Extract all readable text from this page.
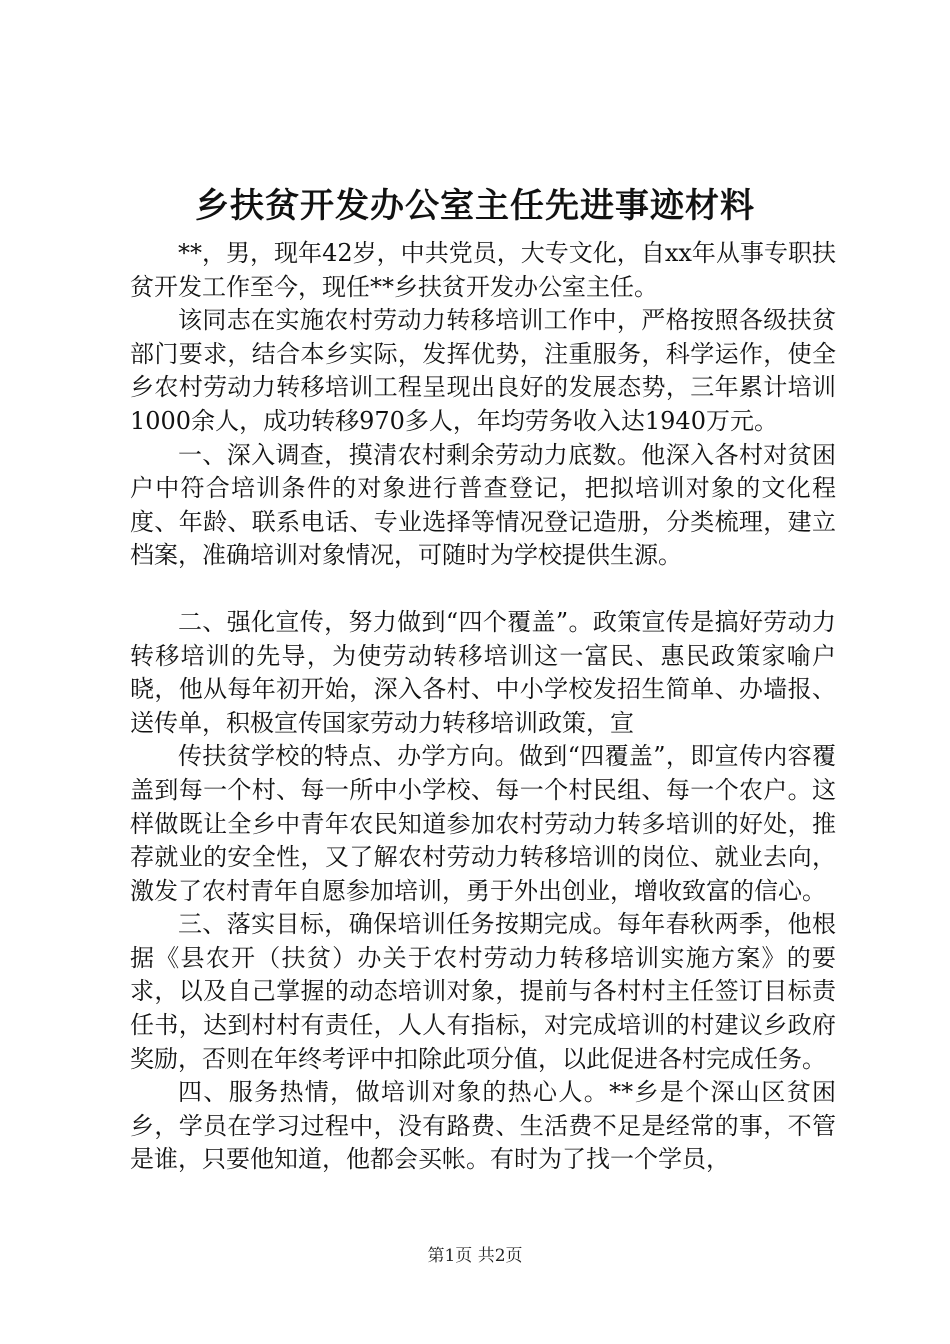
乡扶贫开发办公室主任先进事迹材料

**，男，现年42岁，中共党员，大专文化，自xx年从事专职扶贫开发工作至今，现任**乡扶贫开发办公室主任。

该同志在实施农村劳动力转移培训工作中，严格按照各级扶贫部门要求，结合本乡实际，发挥优势，注重服务，科学运作，使全乡农村劳动力转移培训工程呈现出良好的发展态势，三年累计培训1000余人，成功转移970多人，年均劳务收入达1940万元。

一、深入调查，摸清农村剩余劳动力底数。他深入各村对贫困户中符合培训条件的对象进行普查登记，把拟培训对象的文化程度、年龄、联系电话、专业选择等情况登记造册，分类梳理，建立档案，准确培训对象情况，可随时为学校提供生源。

二、强化宣传，努力做到“四个覆盖”。政策宣传是搞好劳动力转移培训的先导，为使劳动转移培训这一富民、惠民政策家喻户晓，他从每年初开始，深入各村、中小学校发招生简单、办墙报、送传单，积极宣传国家劳动力转移培训政策，宣

传扶贫学校的特点、办学方向。做到“四覆盖”，即宣传内容覆盖到每一个村、每一所中小学校、每一个村民组、每一个农户。这样做既让全乡中青年农民知道参加农村劳动力转多培训的好处，推荐就业的安全性，又了解农村劳动力转移培训的岗位、就业去向，激发了农村青年自愿参加培训，勇于外出创业，增收致富的信心。

三、落实目标，确保培训任务按期完成。每年春秋两季，他根据《县农开（扶贫）办关于农村劳动力转移培训实施方案》的要求，以及自己掌握的动态培训对象，提前与各村村主任签订目标责任书，达到村村有责任，人人有指标，对完成培训的村建议乡政府奖励，否则在年终考评中扣除此项分值，以此促进各村完成任务。

四、服务热情，做培训对象的热心人。**乡是个深山区贫困乡，学员在学习过程中，没有路费、生活费不足是经常的事，不管是谁，只要他知道，他都会买帐。有时为了找一个学员，

第1页 共2页
